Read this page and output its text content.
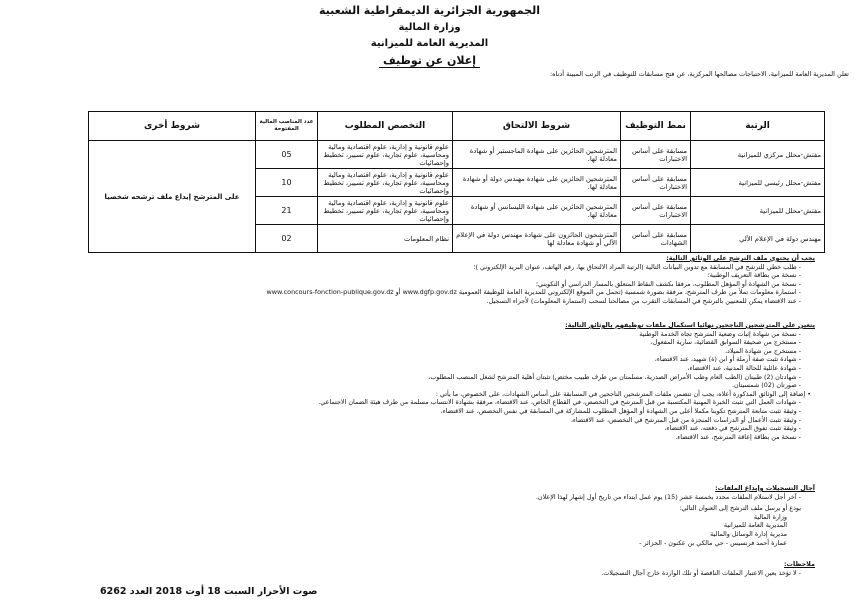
الجمهورية الجزائرية الديمقراطية الشعبية
وزارة المالية
المديرية العامة للميزانية
إعلان عن توظيف
تعلن المديرية العامة للميزانية، الاحتياجات مصالحها المركزية، عن فتح مسابقات للتوظيف في الرتب المبينة أدناه:
الرتبة	نمط التوظيف	شروط الالتحاق	التخصص المطلوب	عدد المناصب المالية المفتوحة	شروط أخرى
مفتش-محلل مركزي للميزانية	مسابقة على أساس الاختبارات	المترشحين الحائزين على شهادة الماجستير أو شهادة معادلة لها.	علوم قانونية و إدارية، علوم اقتصادية ومالية ومحاسبية، علوم تجارية، علوم تسيير، تخطيط وإحصائيات	05	على المترشح إيداع ملف ترشحه شخصيا
مفتش-محلل رئيسي للميزانية	مسابقة على أساس الاختبارات	المترشحين الحائزين على شهادة مهندس دولة أو شهادة معادلة لها.	علوم قانونية و إدارية، علوم اقتصادية ومالية ومحاسبية، علوم تجارية، علوم تسيير، تخطيط وإحصائيات	10	
مفتش-محلل للميزانية	مسابقة على أساس الاختبارات	المترشحين الحائزين على شهادة الليسانس أو شهادة معادلة لها.	علوم قانونية و إدارية، علوم اقتصادية ومالية ومحاسبية، علوم تجارية، علوم تسيير، تخطيط وإحصائيات	21	
مهندس دولة في الإعلام الآلي	مسابقة على أساس الشهادات	المترشحون الحائزون على شهادة مهندس دولة في الإعلام الآلي أو شهادة معادلة لها	نظام المعلومات	02	
يجب أن يحتوي ملف الترشح على الوثائق التالية:
- طلب خطي للترشح في المسابقة مع تدوين البيانات التالية (الرتبة المراد الالتحاق بها، رقم الهاتف، عنوان البريد الإلكتروني )؛
- نسخة من بطاقة التعريف الوطنية؛
- نسخة من الشهادة أو المؤهل المطلوب، مرفقا بكشف النقاط المتعلق بالمسار الدراسي أو التكويني؛
- استمارة معلومات تملأ من طرف المترشح، مرفقة بصورة شمسية (تحمل من الموقع الإلكتروني للمديرية العامة للوظيفة العمومية www.dgfp.gov.dz أو www.concours-fonction-publique.gov.dz
- عند الاقتضاء يمكن للمعنيين بالترشح في المسابقات التقرب من مصالحنا لسحب (استمارة المعلومات) لأجراء التسجيل.
يتعين على المترشحين الناجحين نهائيا استكمال ملفات توظيفهم بالوثائق التالية:
- نسخة من شهادة إثبات وضعية المترشح تجاه الخدمة الوطنية
- مستخرج من صحيفة السوابق القضائية، سارية المفعول،
- مستخرج من شهادة الميلاد،
- شهادة تثبت صفة أرملة أو ابن (ة) شهيد، عند الاقتضاء،
- شهادة عائلية للحالة المدنية، عند الاقتضاء،
- شهادتان (2) طبيتان (الطب العام وطب الأمراض الصدرية، مسلمتان من طرف طبيب مختص) تثبتان أهلية المترشح لشغل المنصب المطلوب،
- صورتان (02) شمسيتان.
• إضافة إلى الوثائق المذكورة أعلاه، يجب أن تتضمن ملفات المترشحين الناجحين في المسابقة على أساس الشهادات، على الخصوص، ما يأتي :
- شهادات العمل التي تثبت الخبرة المهنية المكتسبة من قبل المترشح في التخصص، في القطاع الخاص، عند الاقتضاء، مرفقة بشهادة الانتساب مسلمة من طرف هيئة الضمان الاجتماعي.
- وثيقة تثبت متابعة المترشح تكوينا مكملا أعلى من الشهادة أو المؤهل المطلوب للمشاركة في المسابقة في نفس التخصص، عند الاقتضاء،
- وثيقة تثبت الأعمال أو الدراسات المنجزة من قبل المترشح في التخصص، عند الاقتضاء،
- وثيقة تثبت تفوق المترشح في دفعته، عند الاقتضاء،
- نسخة من بطاقة إعاقة المترشح، عند الاقتضاء.
آجال التسجيلات وإيداع الملفات:
- آخر أجل لاستلام الملفات محدد بخمسة عشر (15) يوم عمل ابتداء من تاريخ أول إشهار لهذا الإعلان.
يودع أو يرسل ملف الترشح إلى العنوان التالي:
وزارة المالية
المديرية العامة للميزانية
مديرية إدارة الوسائل والمالية
عمارة أحمد فرنسيس - حي مالكي بن عكنون - الجزائر -
ملاحظات:
- لا تؤخذ بعين الاعتبار الملفات الناقصة أو تلك الواردة خارج آجال التسجيلات.
صوت الأحرار السبت 18 أوت 2018 العدد 6262
